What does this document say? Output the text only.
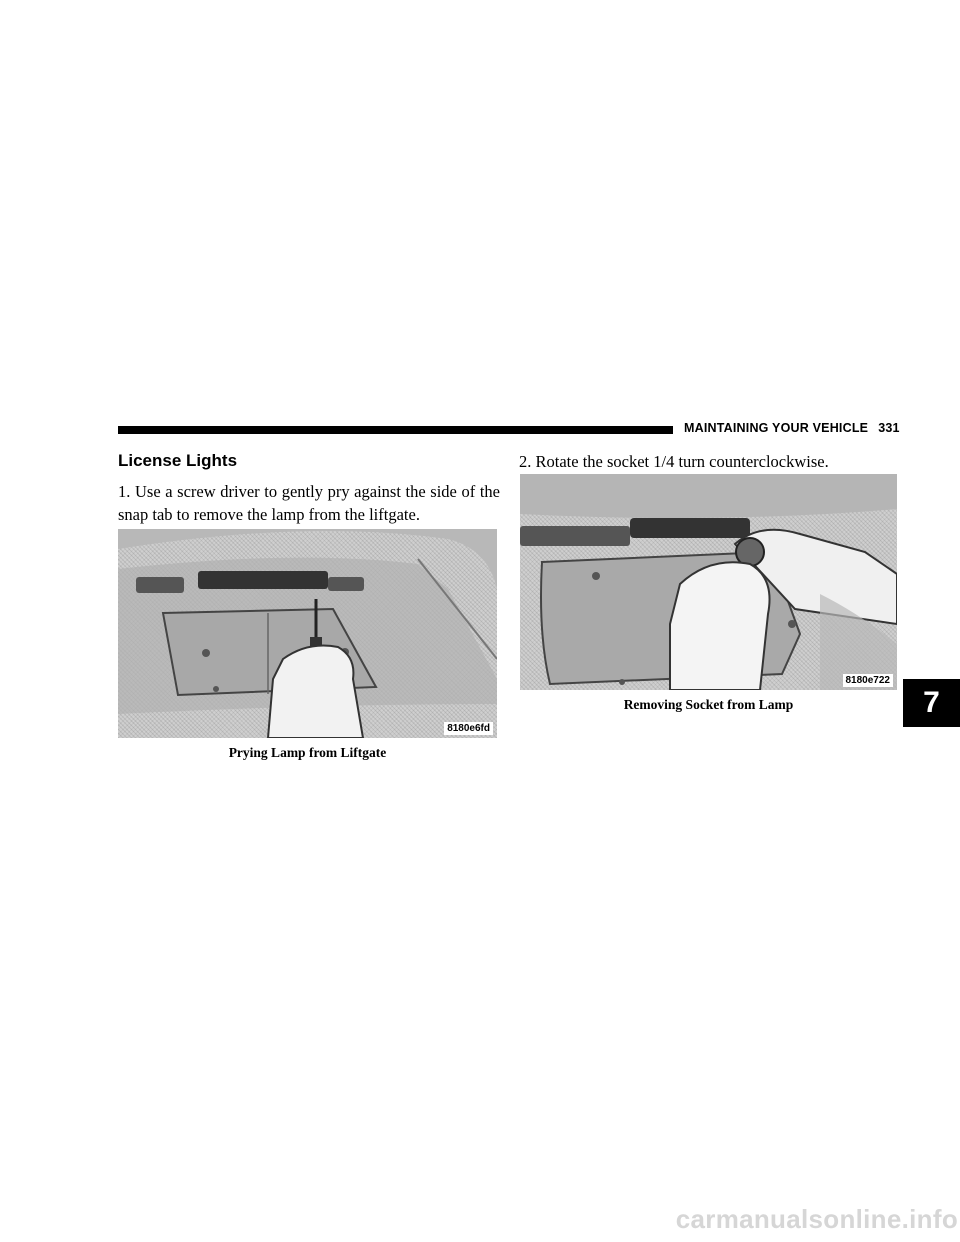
MAINTAINING YOUR VEHICLE 331
License Lights

1. Use a screw driver to gently pry against the side of the snap tab to remove the lamp from the liftgate.

2. Rotate the socket 1/4 turn counterclockwise.

8180e6fd
Prying Lamp from Liftgate
8180e722
Removing Socket from Lamp	7
carmanualsonline.info
